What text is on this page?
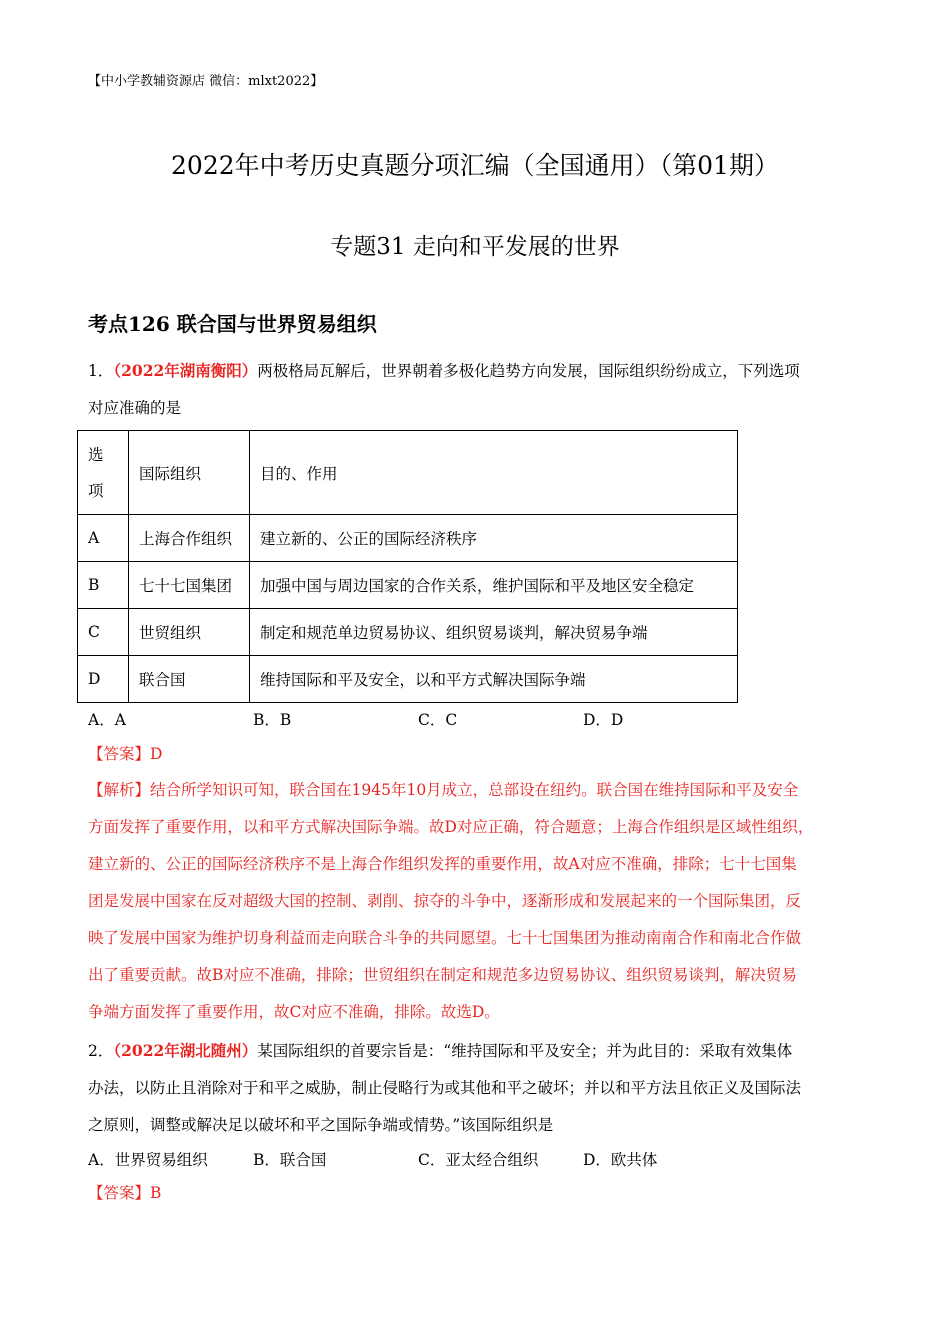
【中小学教辅资源店 微信：mlxt2022】
2022年中考历史真题分项汇编（全国通用）（第01期）
专题31 走向和平发展的世界
考点126 联合国与世界贸易组织
1．（2022年湖南衡阳）两极格局瓦解后，世界朝着多极化趋势方向发展，国际组织纷纷成立，下列选项
对应准确的是
选
项	国际组织	目的、作用
A	上海合作组织	建立新的、公正的国际经济秩序
B	七十七国集团	加强中国与周边国家的合作关系，维护国际和平及地区安全稳定
C	世贸组织	制定和规范单边贸易协议、组织贸易谈判，解决贸易争端
D	联合国	维持国际和平及安全，以和平方式解决国际争端
A．A	B．B	C．C	D．D
【答案】D
【解析】结合所学知识可知，联合国在1945年10月成立，总部设在纽约。联合国在维持国际和平及安全
方面发挥了重要作用，以和平方式解决国际争端。故D对应正确，符合题意；上海合作组织是区域性组织，
建立新的、公正的国际经济秩序不是上海合作组织发挥的重要作用，故A对应不准确，排除；七十七国集
团是发展中国家在反对超级大国的控制、剥削、掠夺的斗争中，逐渐形成和发展起来的一个国际集团，反
映了发展中国家为维护切身利益而走向联合斗争的共同愿望。七十七国集团为推动南南合作和南北合作做
出了重要贡献。故B对应不准确，排除；世贸组织在制定和规范多边贸易协议、组织贸易谈判，解决贸易
争端方面发挥了重要作用，故C对应不准确，排除。故选D。
2．（2022年湖北随州）某国际组织的首要宗旨是：“维持国际和平及安全；并为此目的：采取有效集体
办法，以防止且消除对于和平之威胁，制止侵略行为或其他和平之破坏；并以和平方法且依正义及国际法
之原则，调整或解决足以破坏和平之国际争端或情势。”该国际组织是
A．世界贸易组织	B．联合国	C．亚太经合组织	D．欧共体
【答案】B
